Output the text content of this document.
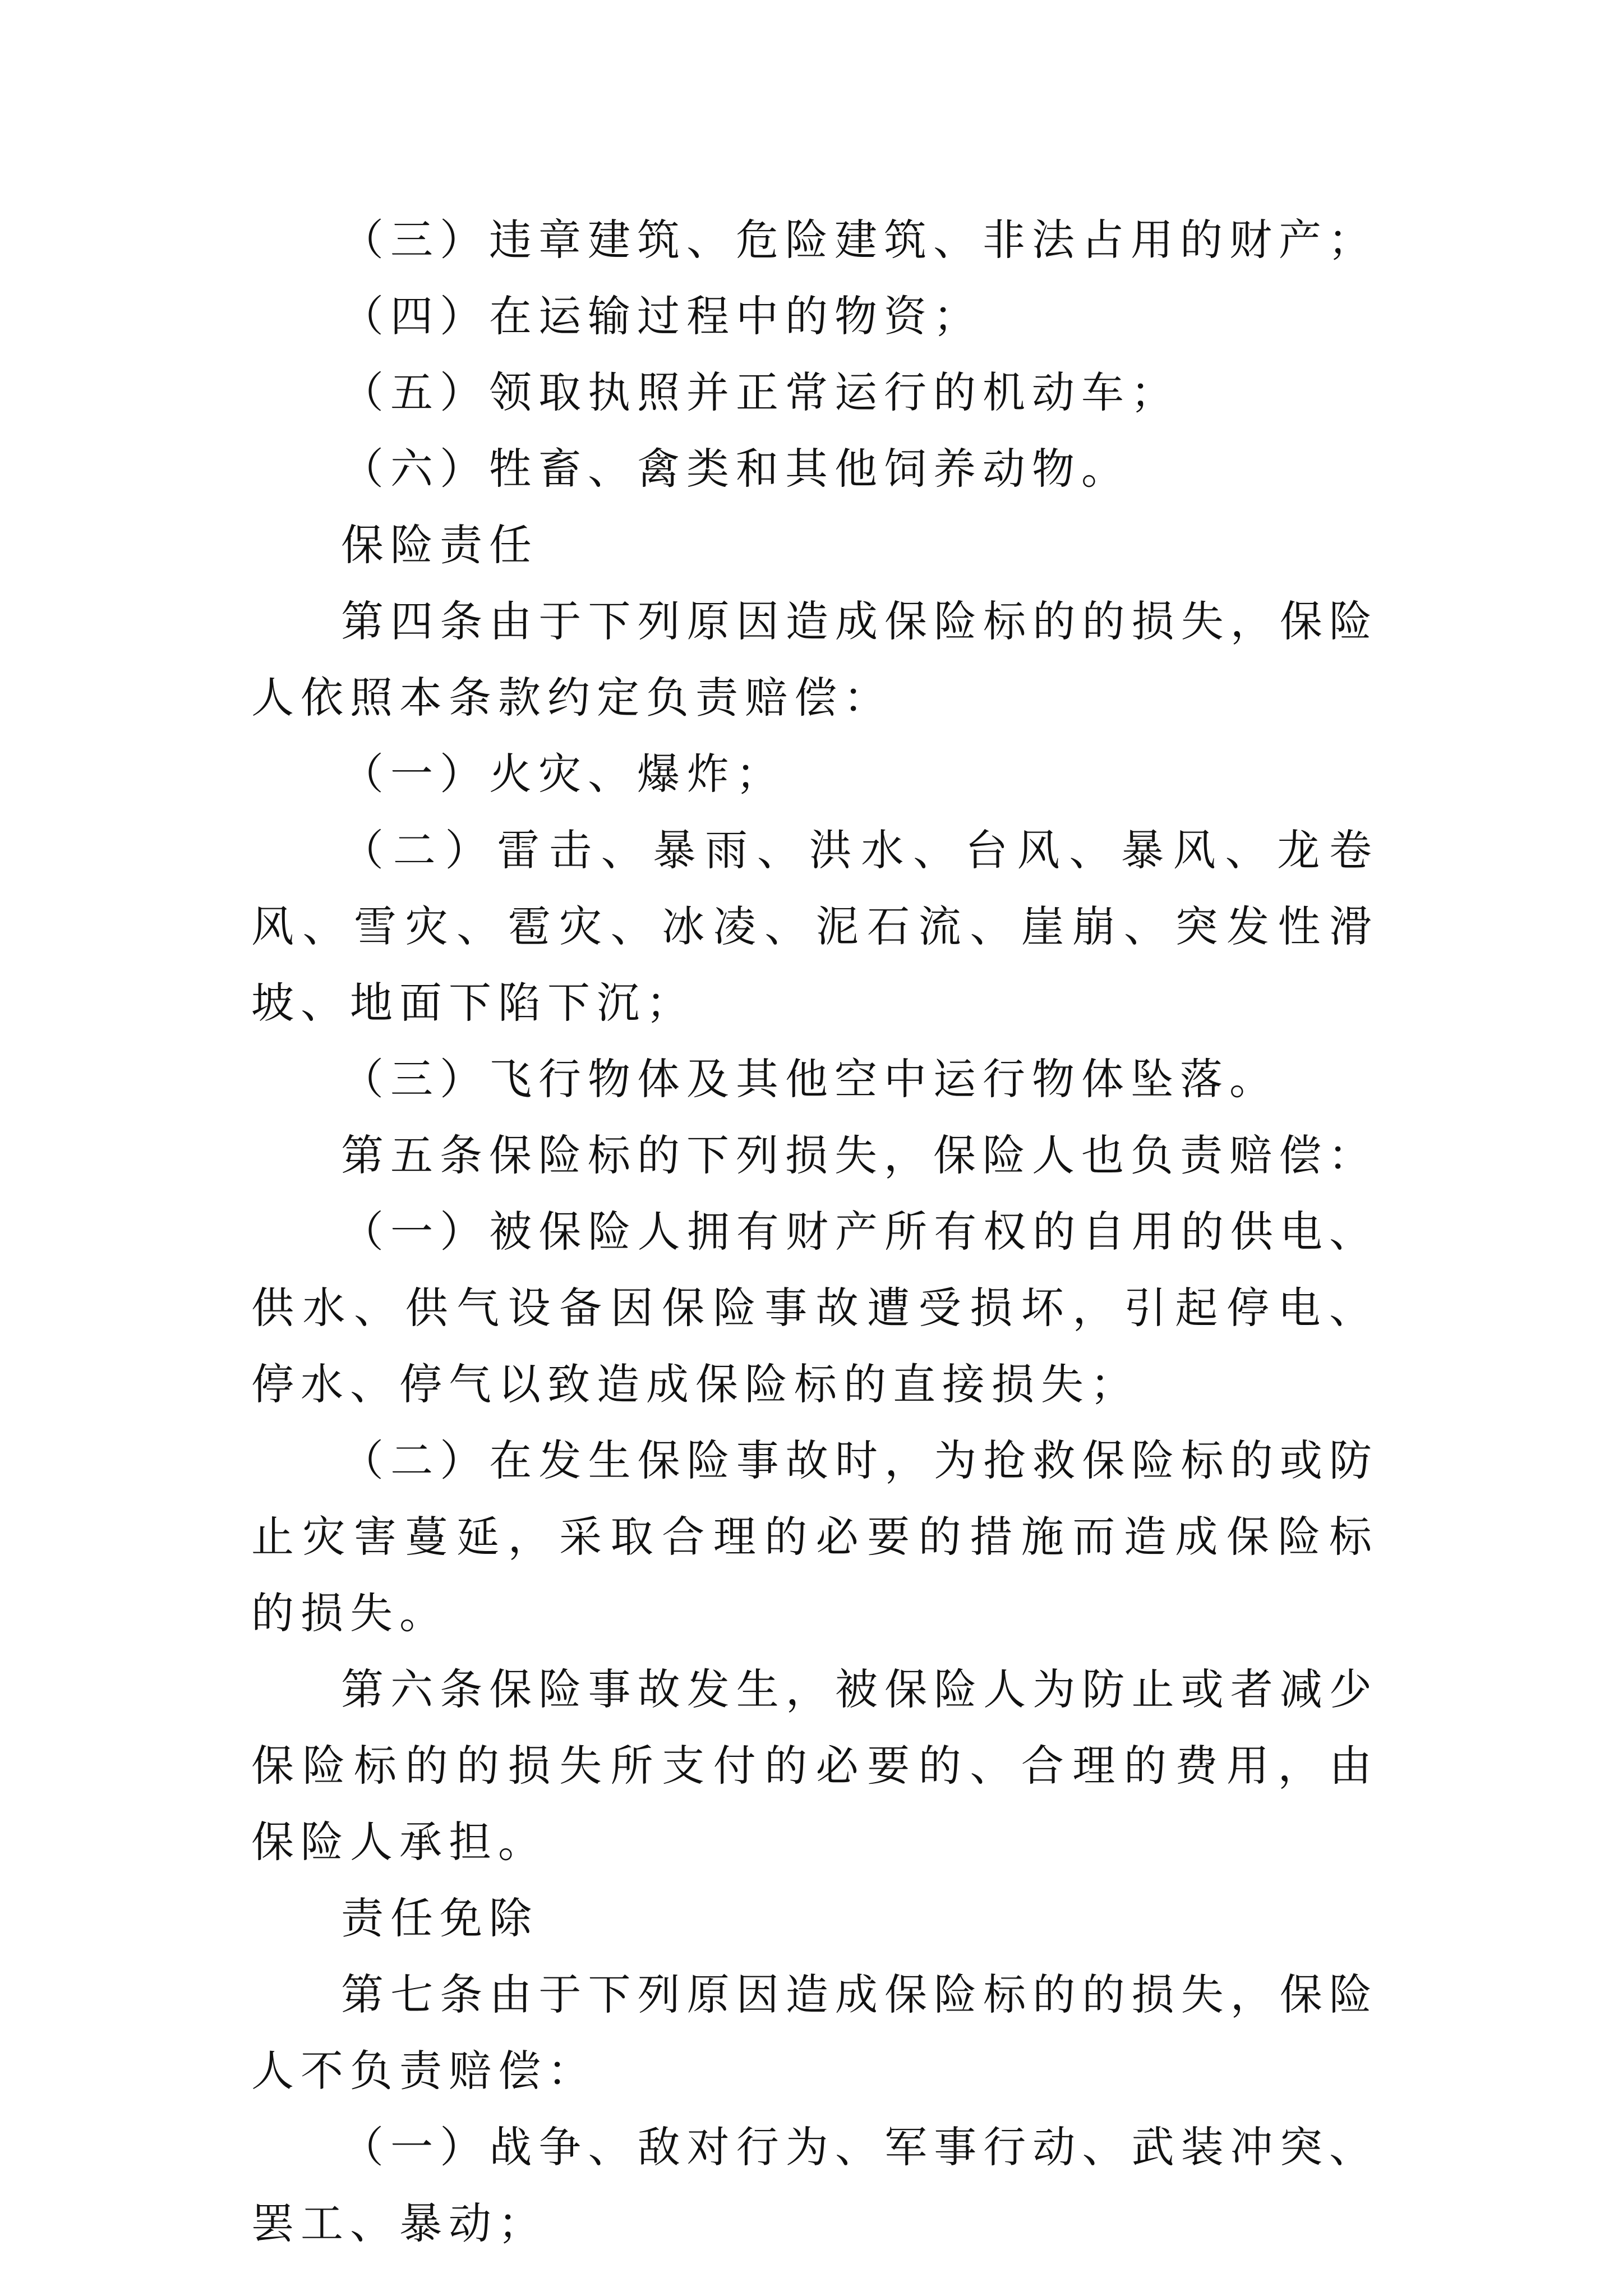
（三）违章建筑、危险建筑、非法占用的财产；

（四）在运输过程中的物资；

（五）领取执照并正常运行的机动车；

（六）牲畜、禽类和其他饲养动物。

保险责任

第四条由于下列原因造成保险标的的损失，保险人依照本条款约定负责赔偿：

（一）火灾、爆炸；

（二）雷击、暴雨、洪水、台风、暴风、龙卷风、雪灾、雹灾、冰凌、泥石流、崖崩、突发性滑坡、地面下陷下沉；

（三）飞行物体及其他空中运行物体坠落。

第五条保险标的下列损失，保险人也负责赔偿：

（一）被保险人拥有财产所有权的自用的供电、供水、供气设备因保险事故遭受损坏，引起停电、停水、停气以致造成保险标的直接损失；

（二）在发生保险事故时，为抢救保险标的或防止灾害蔓延，采取合理的必要的措施而造成保险标的损失。

第六条保险事故发生，被保险人为防止或者减少保险标的的损失所支付的必要的、合理的费用，由保险人承担。

责任免除

第七条由于下列原因造成保险标的的损失，保险人不负责赔偿：

（一）战争、敌对行为、军事行动、武装冲突、罢工、暴动；
